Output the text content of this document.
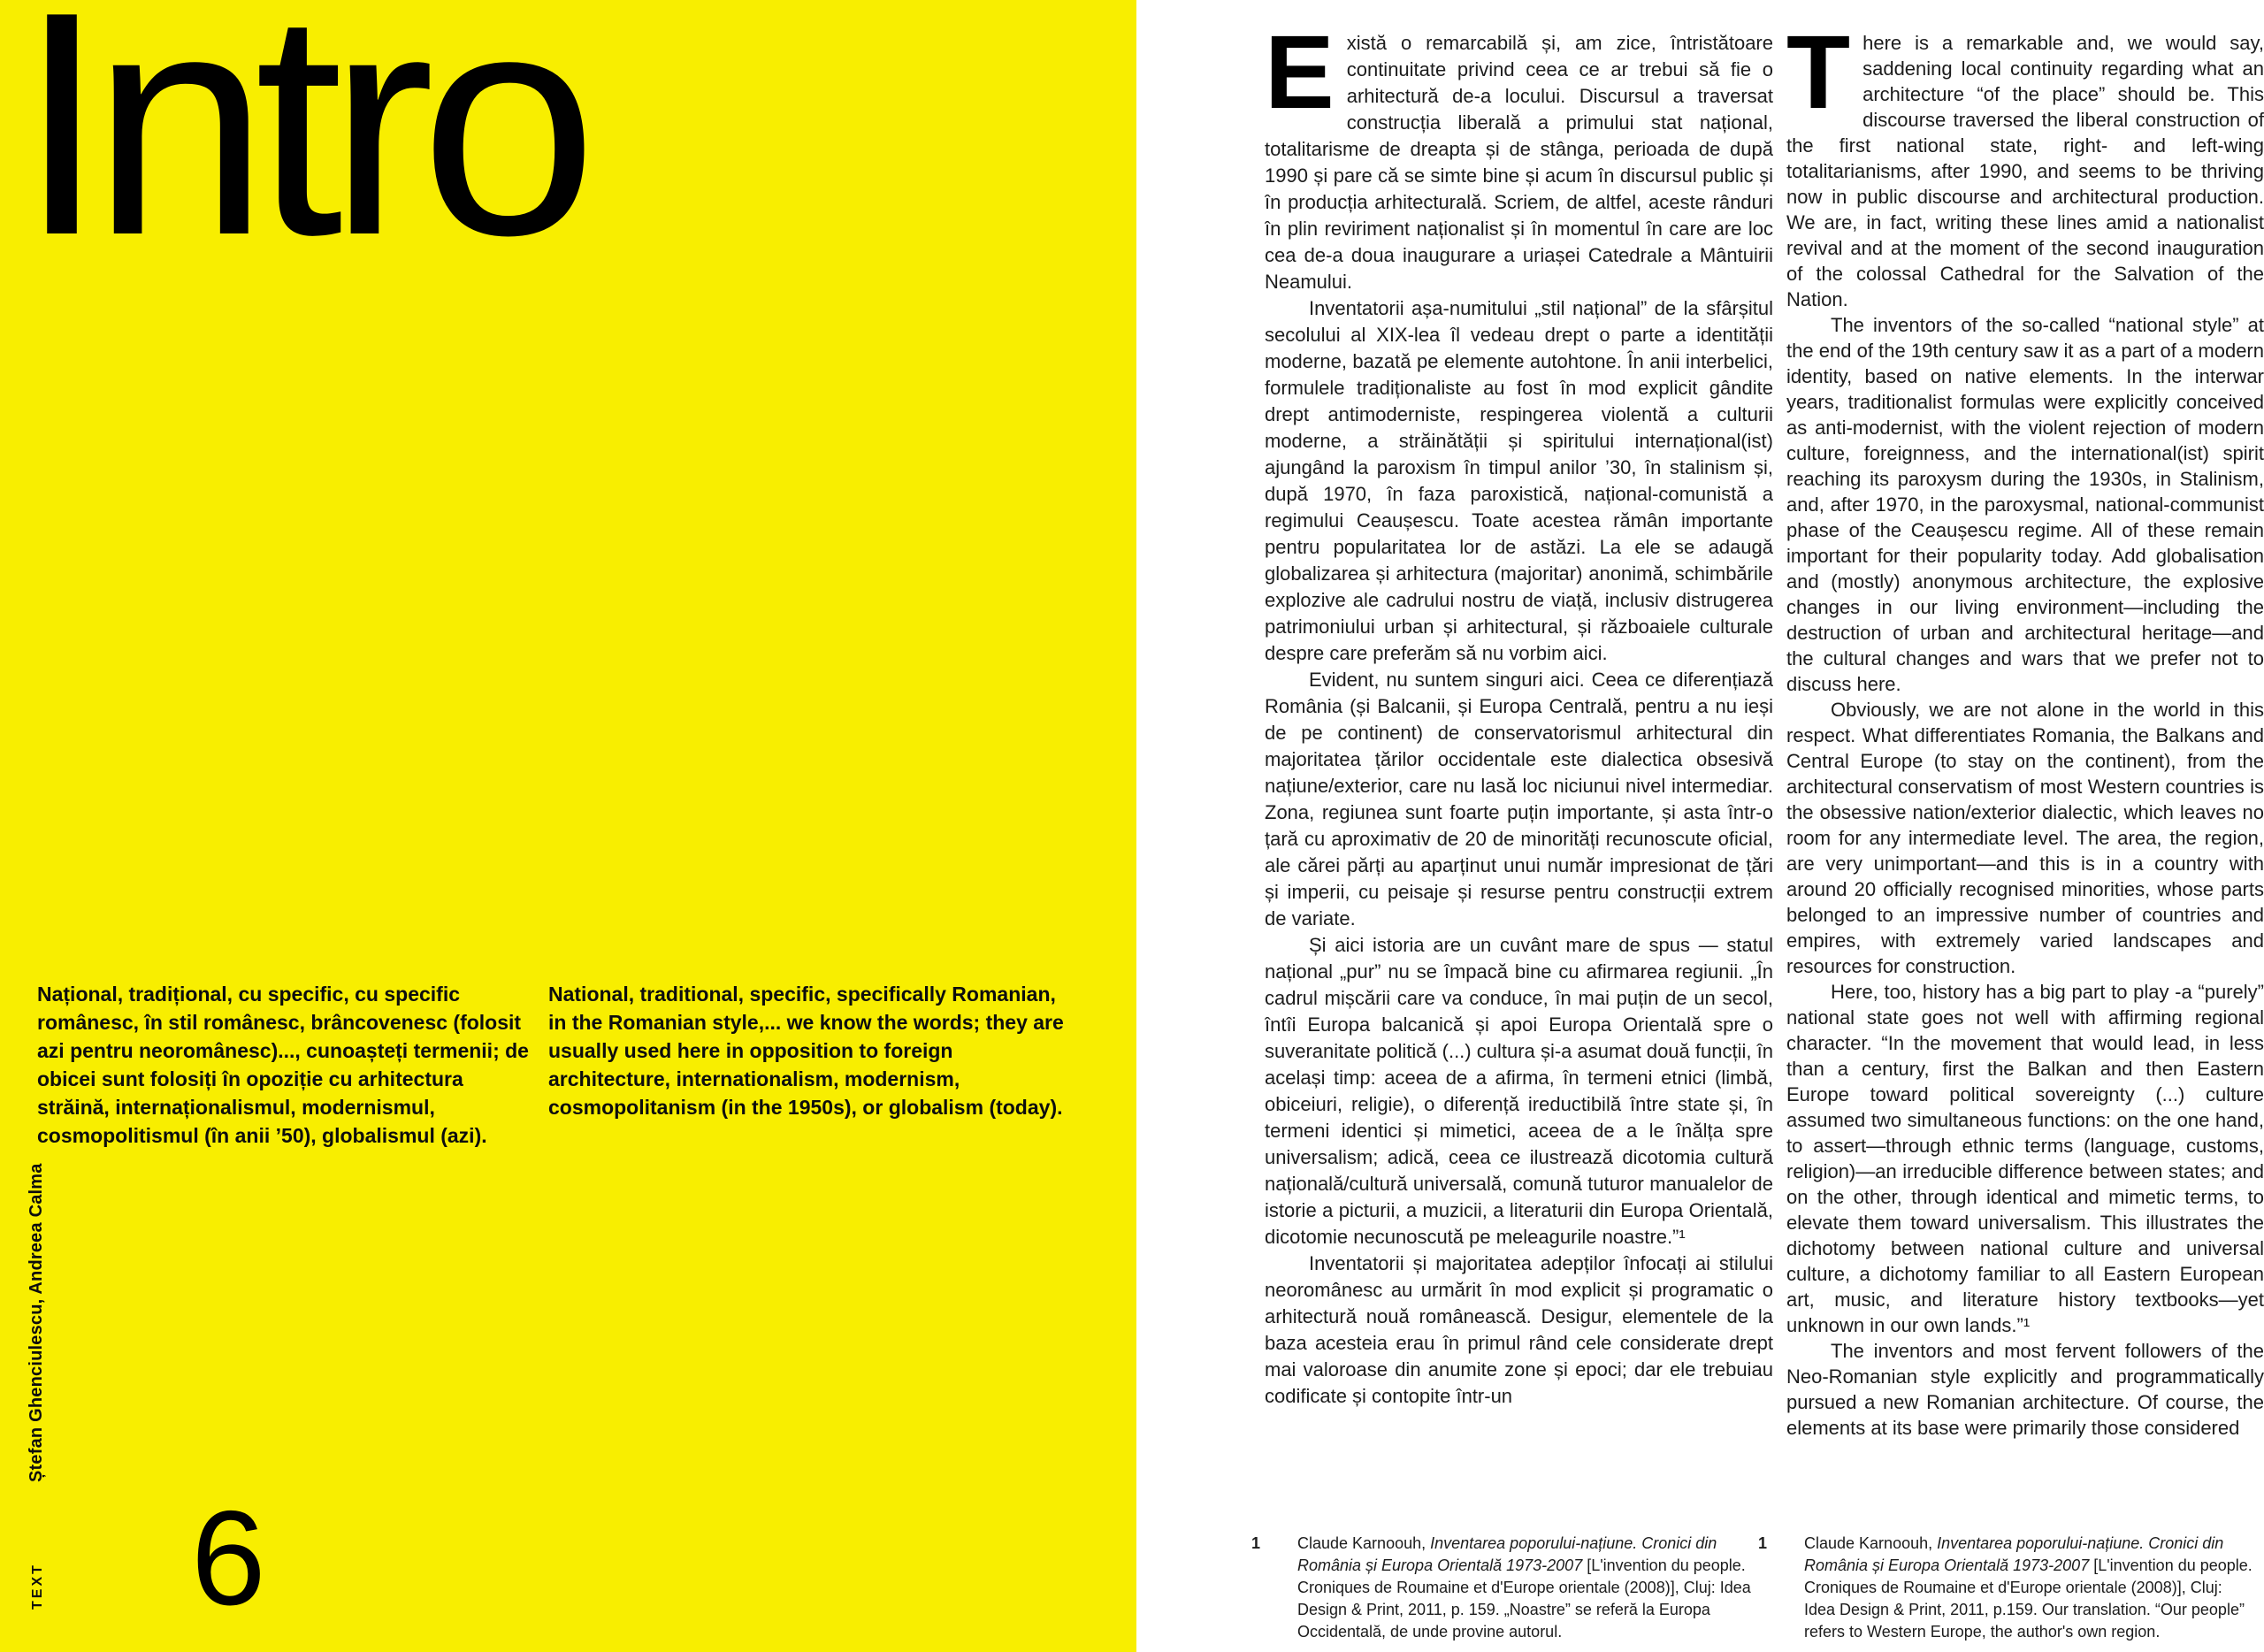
Intro
Național, tradițional, cu specific, cu specific românesc, în stil românesc, brâncovenesc (folosit azi pentru neoromânesc)..., cunoașteți termenii; de obicei sunt folosiți în opoziție cu arhitectura străină, internaționalismul, modernismul, cosmopolitismul (în anii ’50), globalismul (azi).
National, traditional, specific, specifically Romanian, in the Romanian style,... we know the words; they are usually used here in opposition to foreign architecture, internationalism, modernism, cosmopolitanism (in the 1950s), or globalism (today).
Ștefan Ghenciulescu, Andreea Calma
TEXT 6

Există o remarcabilă și, am zice, întristătoare continuitate privind ceea ce ar trebui să fie o arhitectură de-a locului. Discursul a traversat construcția liberală a primului stat național, totalitarisme de dreapta și de stânga, perioada de după 1990 și pare că se simte bine și acum în discursul public și în producția arhitecturală. Scriem, de altfel, aceste rânduri în plin reviriment naționalist și în momentul în care are loc cea de-a doua inaugurare a uriașei Catedrale a Mântuirii Neamului.

Inventatorii așa-numitului „stil național” de la sfârșitul secolului al XIX-lea îl vedeau drept o parte a identității moderne, bazată pe elemente autohtone. În anii interbelici, formulele tradiționaliste au fost în mod explicit gândite drept antimoderniste, respingerea violentă a culturii moderne, a străinătății și spiritului internațional(ist) ajungând la paroxism în timpul anilor ’30, în stalinism și, după 1970, în faza paroxistică, național-comunistă a regimului Ceaușescu. Toate acestea rămân importante pentru popularitatea lor de astăzi. La ele se adaugă globalizarea și arhitectura (majoritar) anonimă, schimbările explozive ale cadrului nostru de viață, inclusiv distrugerea patrimoniului urban și arhitectural, și războaiele culturale despre care preferăm să nu vorbim aici.

Evident, nu suntem singuri aici. Ceea ce diferențiază România (și Balcanii, și Europa Centrală, pentru a nu ieși de pe continent) de conservatorismul arhitectural din majoritatea țărilor occidentale este dialectica obsesivă națiune/exterior, care nu lasă loc niciunui nivel intermediar. Zona, regiunea sunt foarte puțin importante, și asta într-o țară cu aproximativ de 20 de minorități recunoscute oficial, ale cărei părți au aparținut unui număr impresionat de țări și imperii, cu peisaje și resurse pentru construcții extrem de variate.

Și aici istoria are un cuvânt mare de spus — statul național „pur” nu se împacă bine cu afirmarea regiunii. „În cadrul mișcării care va conduce, în mai puțin de un secol, întîi Europa balcanică și apoi Europa Orientală spre o suveranitate politică (...) cultura și-a asumat două funcții, în același timp: aceea de a afirma, în termeni etnici (limbă, obiceiuri, religie), o diferență ireductibilă între state și, în termeni identici și mimetici, aceea de a le înălța spre universalism; adică, ceea ce ilustrează dicotomia cultură națională/cultură universală, comună tuturor manualelor de istorie a picturii, a muzicii, a literaturii din Europa Orientală, dicotomie necunoscută pe meleagurile noastre.”¹

Inventatorii și majoritatea adepților înfocați ai stilului neoromânesc au urmărit în mod explicit și programatic o arhitectură nouă românească. Desigur, elementele de la baza acesteia erau în primul rând cele considerate drept mai valoroase din anumite zone și epoci; dar ele trebuiau codificate și contopite într-un

There is a remarkable and, we would say, saddening local continuity regarding what an architecture “of the place” should be. This discourse traversed the liberal construction of the first national state, right- and left-wing totalitarianisms, after 1990, and seems to be thriving now in public discourse and architectural production. We are, in fact, writing these lines amid a nationalist revival and at the moment of the second inauguration of the colossal Cathedral for the Salvation of the Nation.

The inventors of the so-called “national style” at the end of the 19th century saw it as a part of a modern identity, based on native elements. In the interwar years, traditionalist formulas were explicitly conceived as anti-modernist, with the violent rejection of modern culture, foreignness, and the international(ist) spirit reaching its paroxysm during the 1930s, in Stalinism, and, after 1970, in the paroxysmal, national-communist phase of the Ceaușescu regime. All of these remain important for their popularity today. Add globalisation and (mostly) anonymous architecture, the explosive changes in our living environment—including the destruction of urban and architectural heritage—and the cultural changes and wars that we prefer not to discuss here.

Obviously, we are not alone in the world in this respect. What differentiates Romania, the Balkans and Central Europe (to stay on the continent), from the architectural conservatism of most Western countries is the obsessive nation/exterior dialectic, which leaves no room for any intermediate level. The area, the region, are very unimportant—and this is in a country with around 20 officially recognised minorities, whose parts belonged to an impressive number of countries and empires, with extremely varied landscapes and resources for construction.

Here, too, history has a big part to play -a “purely” national state goes not well with affirming regional character. “In the movement that would lead, in less than a century, first the Balkan and then Eastern Europe toward political sovereignty (...) culture assumed two simultaneous functions: on the one hand, to assert—through ethnic terms (language, customs, religion)—an irreducible difference between states; and on the other, through identical and mimetic terms, to elevate them toward universalism. This illustrates the dichotomy between national culture and universal culture, a dichotomy familiar to all Eastern European art, music, and literature history textbooks—yet unknown in our own lands.”¹

The inventors and most fervent followers of the Neo-Romanian style explicitly and programmatically pursued a new Romanian architecture. Of course, the elements at its base were primarily those considered

1	Claude Karnoouh, Inventarea poporului-națiune. Cronici din România și Europa Orientală 1973-2007 [L'invention du people. Croniques de Roumaine et d'Europe orientale (2008)], Cluj: Idea Design & Print, 2011, p. 159. „Noastre” se referă la Europa Occidentală, de unde provine autorul.
1	Claude Karnoouh, Inventarea poporului-națiune. Cronici din România și Europa Orientală 1973-2007 [L'invention du people. Croniques de Roumaine et d'Europe orientale (2008)], Cluj: Idea Design & Print, 2011, p.159. Our translation. “Our people” refers to Western Europe, the author's own region.
